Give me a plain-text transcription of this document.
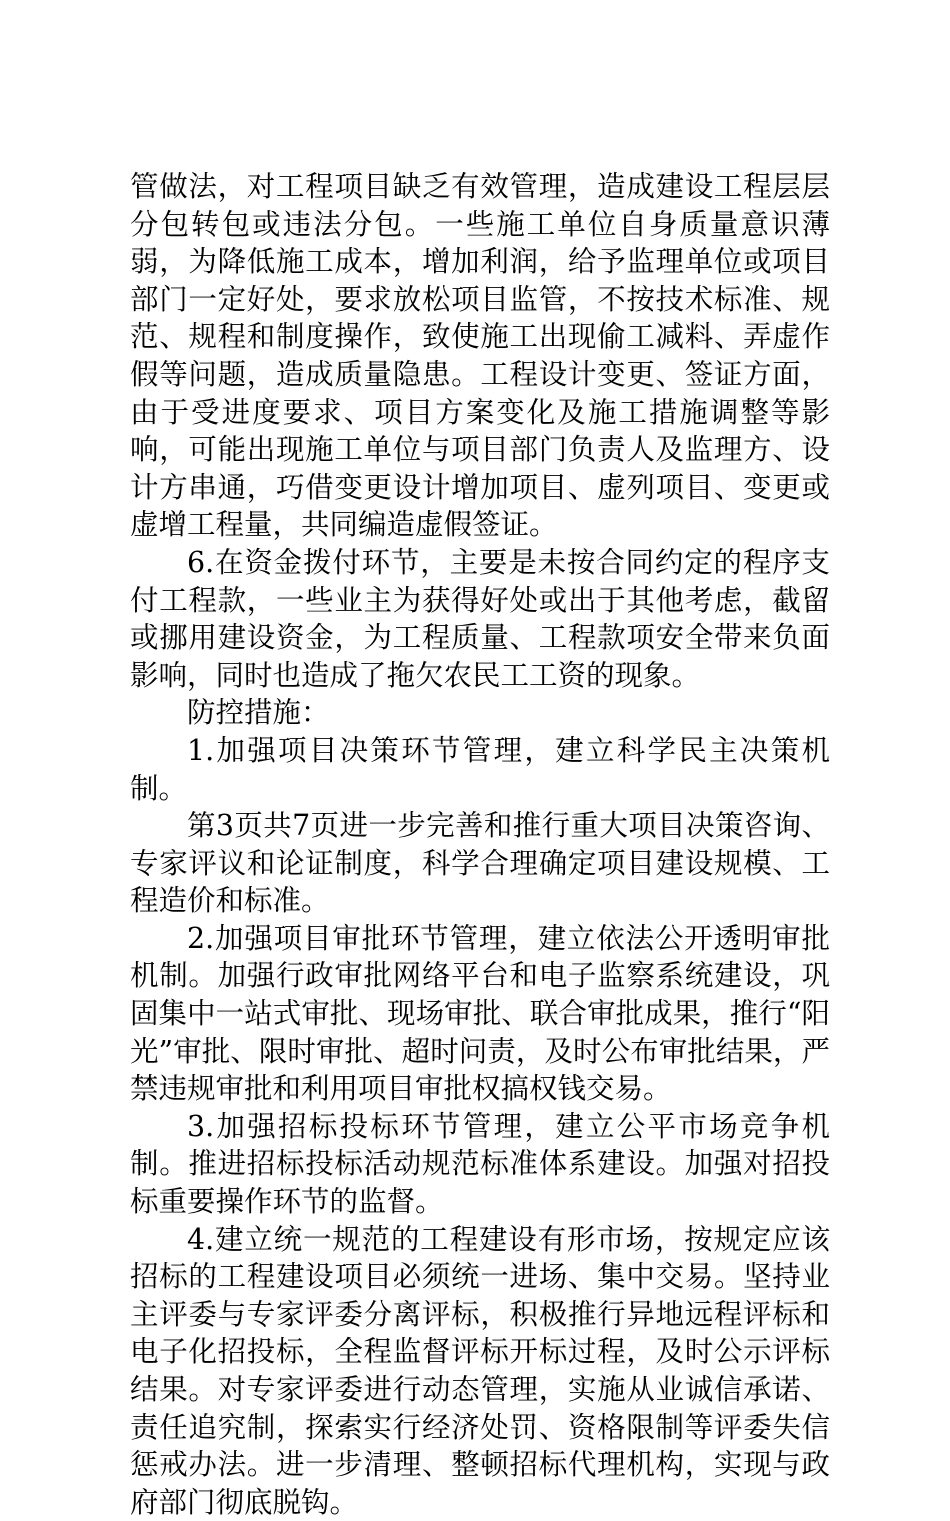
管做法，对工程项目缺乏有效管理，造成建设工程层层分包转包或违法分包。一些施工单位自身质量意识薄弱，为降低施工成本，增加利润，给予监理单位或项目部门一定好处，要求放松项目监管，不按技术标准、规范、规程和制度操作，致使施工出现偷工减料、弄虚作假等问题，造成质量隐患。工程设计变更、签证方面，由于受进度要求、项目方案变化及施工措施调整等影响，可能出现施工单位与项目部门负责人及监理方、设计方串通，巧借变更设计增加项目、虚列项目、变更或虚增工程量，共同编造虚假签证。

6.在资金拨付环节，主要是未按合同约定的程序支付工程款，一些业主为获得好处或出于其他考虑，截留或挪用建设资金，为工程质量、工程款项安全带来负面影响，同时也造成了拖欠农民工工资的现象。

防控措施：

1.加强项目决策环节管理，建立科学民主决策机制。

第3页共7页进一步完善和推行重大项目决策咨询、专家评议和论证制度，科学合理确定项目建设规模、工程造价和标准。

2.加强项目审批环节管理，建立依法公开透明审批机制。加强行政审批网络平台和电子监察系统建设，巩固集中一站式审批、现场审批、联合审批成果，推行“阳光”审批、限时审批、超时问责，及时公布审批结果，严禁违规审批和利用项目审批权搞权钱交易。

3.加强招标投标环节管理，建立公平市场竞争机制。推进招标投标活动规范标准体系建设。加强对招投标重要操作环节的监督。

4.建立统一规范的工程建设有形市场，按规定应该招标的工程建设项目必须统一进场、集中交易。坚持业主评委与专家评委分离评标，积极推行异地远程评标和电子化招投标，全程监督评标开标过程，及时公示评标结果。对专家评委进行动态管理，实施从业诚信承诺、责任追究制，探索实行经济处罚、资格限制等评委失信惩戒办法。进一步清理、整顿招标代理机构，实现与政府部门彻底脱钩。
